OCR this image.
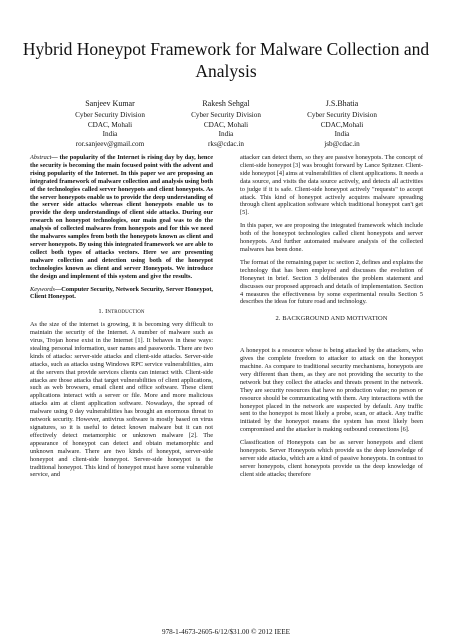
Hybrid Honeypot Framework for Malware Collection and Analysis
Sanjeev Kumar
Cyber Security Division
CDAC, Mohali
India
ror.sanjeev@gmail.com
Rakesh Sehgal
Cyber Security Division
CDAC, Mohali
India
rks@cdac.in
J.S.Bhatia
Cyber Security Division
CDAC,Mohali
India
jsb@cdac.in

Abstract— the popularity of the Internet is rising day by day, hence the security is becoming the main focused point with the advent and rising popularity of the Internet. In this paper we are proposing an integrated framework of malware collection and analysis using both of the technologies called server honeypots and client honeypots. As the server honeypots enable us to provide the deep understanding of the server side attacks whereas client honeypots enable us to provide the deep understandings of client side attacks. During our research on honeypot technologies, our main goal was to do the analysis of collected malwares from honeypots and for this we need the malwares samples from both the honeypots known as client and server honeypots. By using this integrated framework we are able to collect both types of attacks vectors. Here we are presenting malware collection and detection using both of the honeypot technologies known as client and server Honeypots. We introduce the design and implement of this system and give the results.

Keywords—Computer Security, Network Security, Server Honeypot, Client Honeypot.

1. Introduction

As the size of the internet is growing, it is becoming very difficult to maintain the security of the Internet. A number of malware such as virus, Trojan horse exist in the Internet [1]. It behaves in these ways: stealing personal information, user names and passwords. There are two kinds of attacks: server-side attacks and client-side attacks. Server-side attacks, such as attacks using Windows RPC service vulnerabilities, aim at the servers that provide services clients can interact with. Client-side attacks are those attacks that target vulnerabilities of client applications, such as web browsers, email client and office software. These client applications interact with a server or file. More and more malicious attacks aim at client application software. Nowadays, the spread of malware using 0 day vulnerabilities has brought an enormous threat to network security. However, antivirus software is mostly based on virus signatures, so it is useful to detect known malware but it can not effectively detect metamorphic or unknown malware [2]. The appearance of honeypot can detect and obtain metamorphic and unknown malware. There are two kinds of honeypot, server-side honeypot and client-side honeypot. Server-side honeypot is the traditional honeypot. This kind of honeypot must have some vulnerable service, and

attacker can detect them, so they are passive honeypots. The concept of client-side honeypot [3] was brought forward by Lance Spitzner. Client-side honeypot [4] aims at vulnerabilities of client applications. It needs a data source, and visits the data source actively, and detects all activities to judge if it is safe. Client-side honeypot actively "requests" to accept attack. This kind of honeypot actively acquires malware spreading through client application software which traditional honeypot can't get [5].

In this paper, we are proposing the integrated framework which include both of the honeypot technologies called client honeypots and server honeypots. And further automated malware analysis of the collected malwares has been done.

The format of the remaining paper is: section 2, defines and explains the technology that has been employed and discusses the evolution of Honeynet in brief. Section 3 deliberates the problem statement and discusses our proposed approach and details of implementation. Section 4 measures the effectiveness by some experimental results Section 5 describes the ideas for future road and technology.

2. BACKGROUND AND MOTIVATION

A honeypot is a resource whose is being attacked by the attackers, who gives the complete freedom to attacker to attack on the honeypot machine. As compare to traditional security mechanisms, honeypots are very different than them, as they are not providing the security to the network but they collect the attacks and threats present in the network. They are security resources that have no production value; no person or resource should be communicating with them. Any interactions with the honeypot placed in the network are suspected by default. Any traffic sent to the honeypot is most likely a probe, scan, or attack. Any traffic initiated by the honeypot means the system has most likely been compromised and the attacker is making outbound connections [6].

Classification of Honeypots can be as server honeypots and client honeypots. Server Honeypots which provide us the deep knowledge of server side attacks, which are a kind of passive honeypots. In contrast to server honeypots, client honeypots provide us the deep knowledge of client side attacks; therefore

978-1-4673-2605-6/12/$31.00 © 2012 IEEE
